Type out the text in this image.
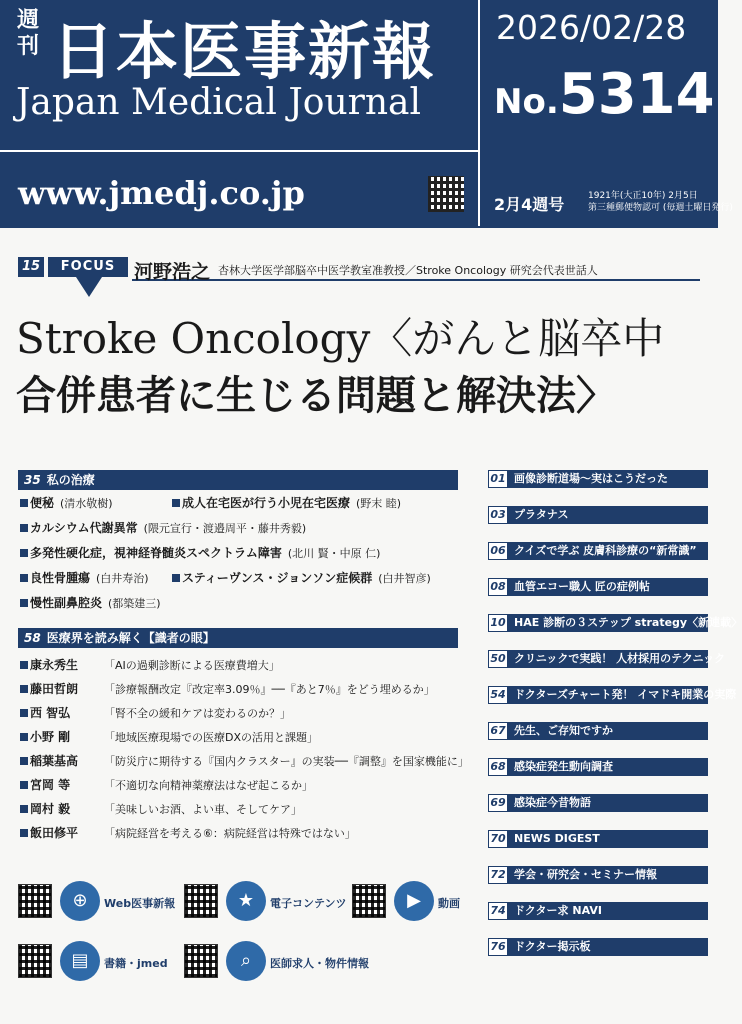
週刊 日本医事新報
Japan Medical Journal
www.jmedj.co.jp
2026/02/28
No.5314
2月4週号	1921年(大正10年) 2月5日
第三種郵便物認可 (毎週土曜日発行)
15	FOCUS 河野浩之 杏林大学医学部脳卒中医学教室准教授／Stroke Oncology 研究会代表世話人
Stroke Oncology〈がんと脳卒中
合併患者に生じる問題と解決法〉
35 私の治療
便秘 (清水敬樹)	成人在宅医が行う小児在宅医療 (野末 睦)
カルシウム代謝異常 (隈元宣行・渡邉周平・藤井秀毅)
多発性硬化症，視神経脊髄炎スペクトラム障害 (北川 賢・中原 仁)
良性骨腫瘍 (白井寿治)	スティーヴンス・ジョンソン症候群 (白井智彦)
慢性副鼻腔炎 (都築建三)
58 医療界を読み解く【識者の眼】
康永秀生 「AIの過剰診断による医療費増大」
藤田哲朗 「診療報酬改定『改定率3.09％』──『あと7％』をどう埋めるか」
西 智弘	「腎不全の緩和ケアは変わるのか？」
小野 剛	「地域医療現場での医療DXの活用と課題」
稲葉基高 「防災庁に期待する『国内クラスター』の実装──『調整』を国家機能に」
宮岡 等	「不適切な向精神薬療法はなぜ起こるか」
岡村 毅	「美味しいお酒、よい車、そしてケア」
飯田修平 「病院経営を考える⑥：病院経営は特殊ではない」
01 画像診断道場～実はこうだった
03 プラタナス
06 クイズで学ぶ 皮膚科診療の“新常識”
08 血管エコー職人 匠の症例帖
10 HAE 診断の３ステップ strategy〈新連載〉
50 クリニックで実践！ 人材採用のテクニック
54 ドクターズチャート発！ イマドキ開業の実際
67 先生、ご存知ですか
68 感染症発生動向調査
69 感染症今昔物語
70 NEWS DIGEST
72 学会・研究会・セミナー情報
74 ドクター求 NAVI
76 ドクター掲示板
⊕	Web医事新報	★	電子コンテンツ	▶	動画
▤	書籍・jmed	⌕	医師求人・物件情報
